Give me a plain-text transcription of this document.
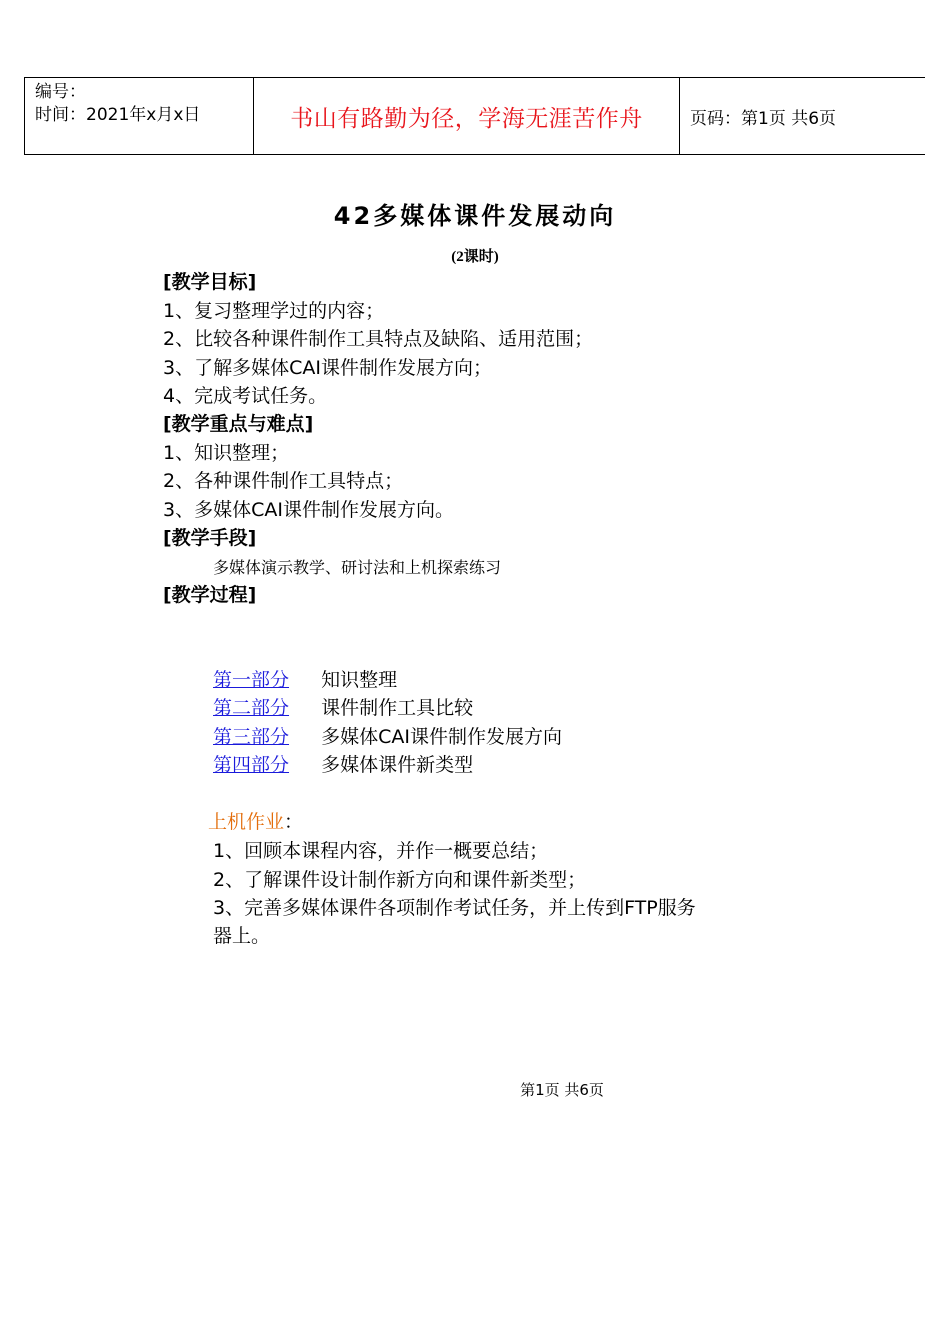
编号：
时间：2021年x月x日	书山有路勤为径，学海无涯苦作舟	页码：第1页 共6页
42多媒体课件发展动向
(2课时)
[教学目标]
1、复习整理学过的内容；
2、比较各种课件制作工具特点及缺陷、适用范围；
3、了解多媒体CAI课件制作发展方向；
4、完成考试任务。
[教学重点与难点]
1、知识整理；
2、各种课件制作工具特点；
3、多媒体CAI课件制作发展方向。
[教学手段]
多媒体演示教学、研讨法和上机探索练习
[教学过程]
第一部分 知识整理
第二部分 课件制作工具比较
第三部分 多媒体CAI课件制作发展方向
第四部分 多媒体课件新类型
上机作业：
1、回顾本课程内容，并作一概要总结；
2、了解课件设计制作新方向和课件新类型；
3、完善多媒体课件各项制作考试任务，并上传到FTP服务
器上。
第1页 共6页
